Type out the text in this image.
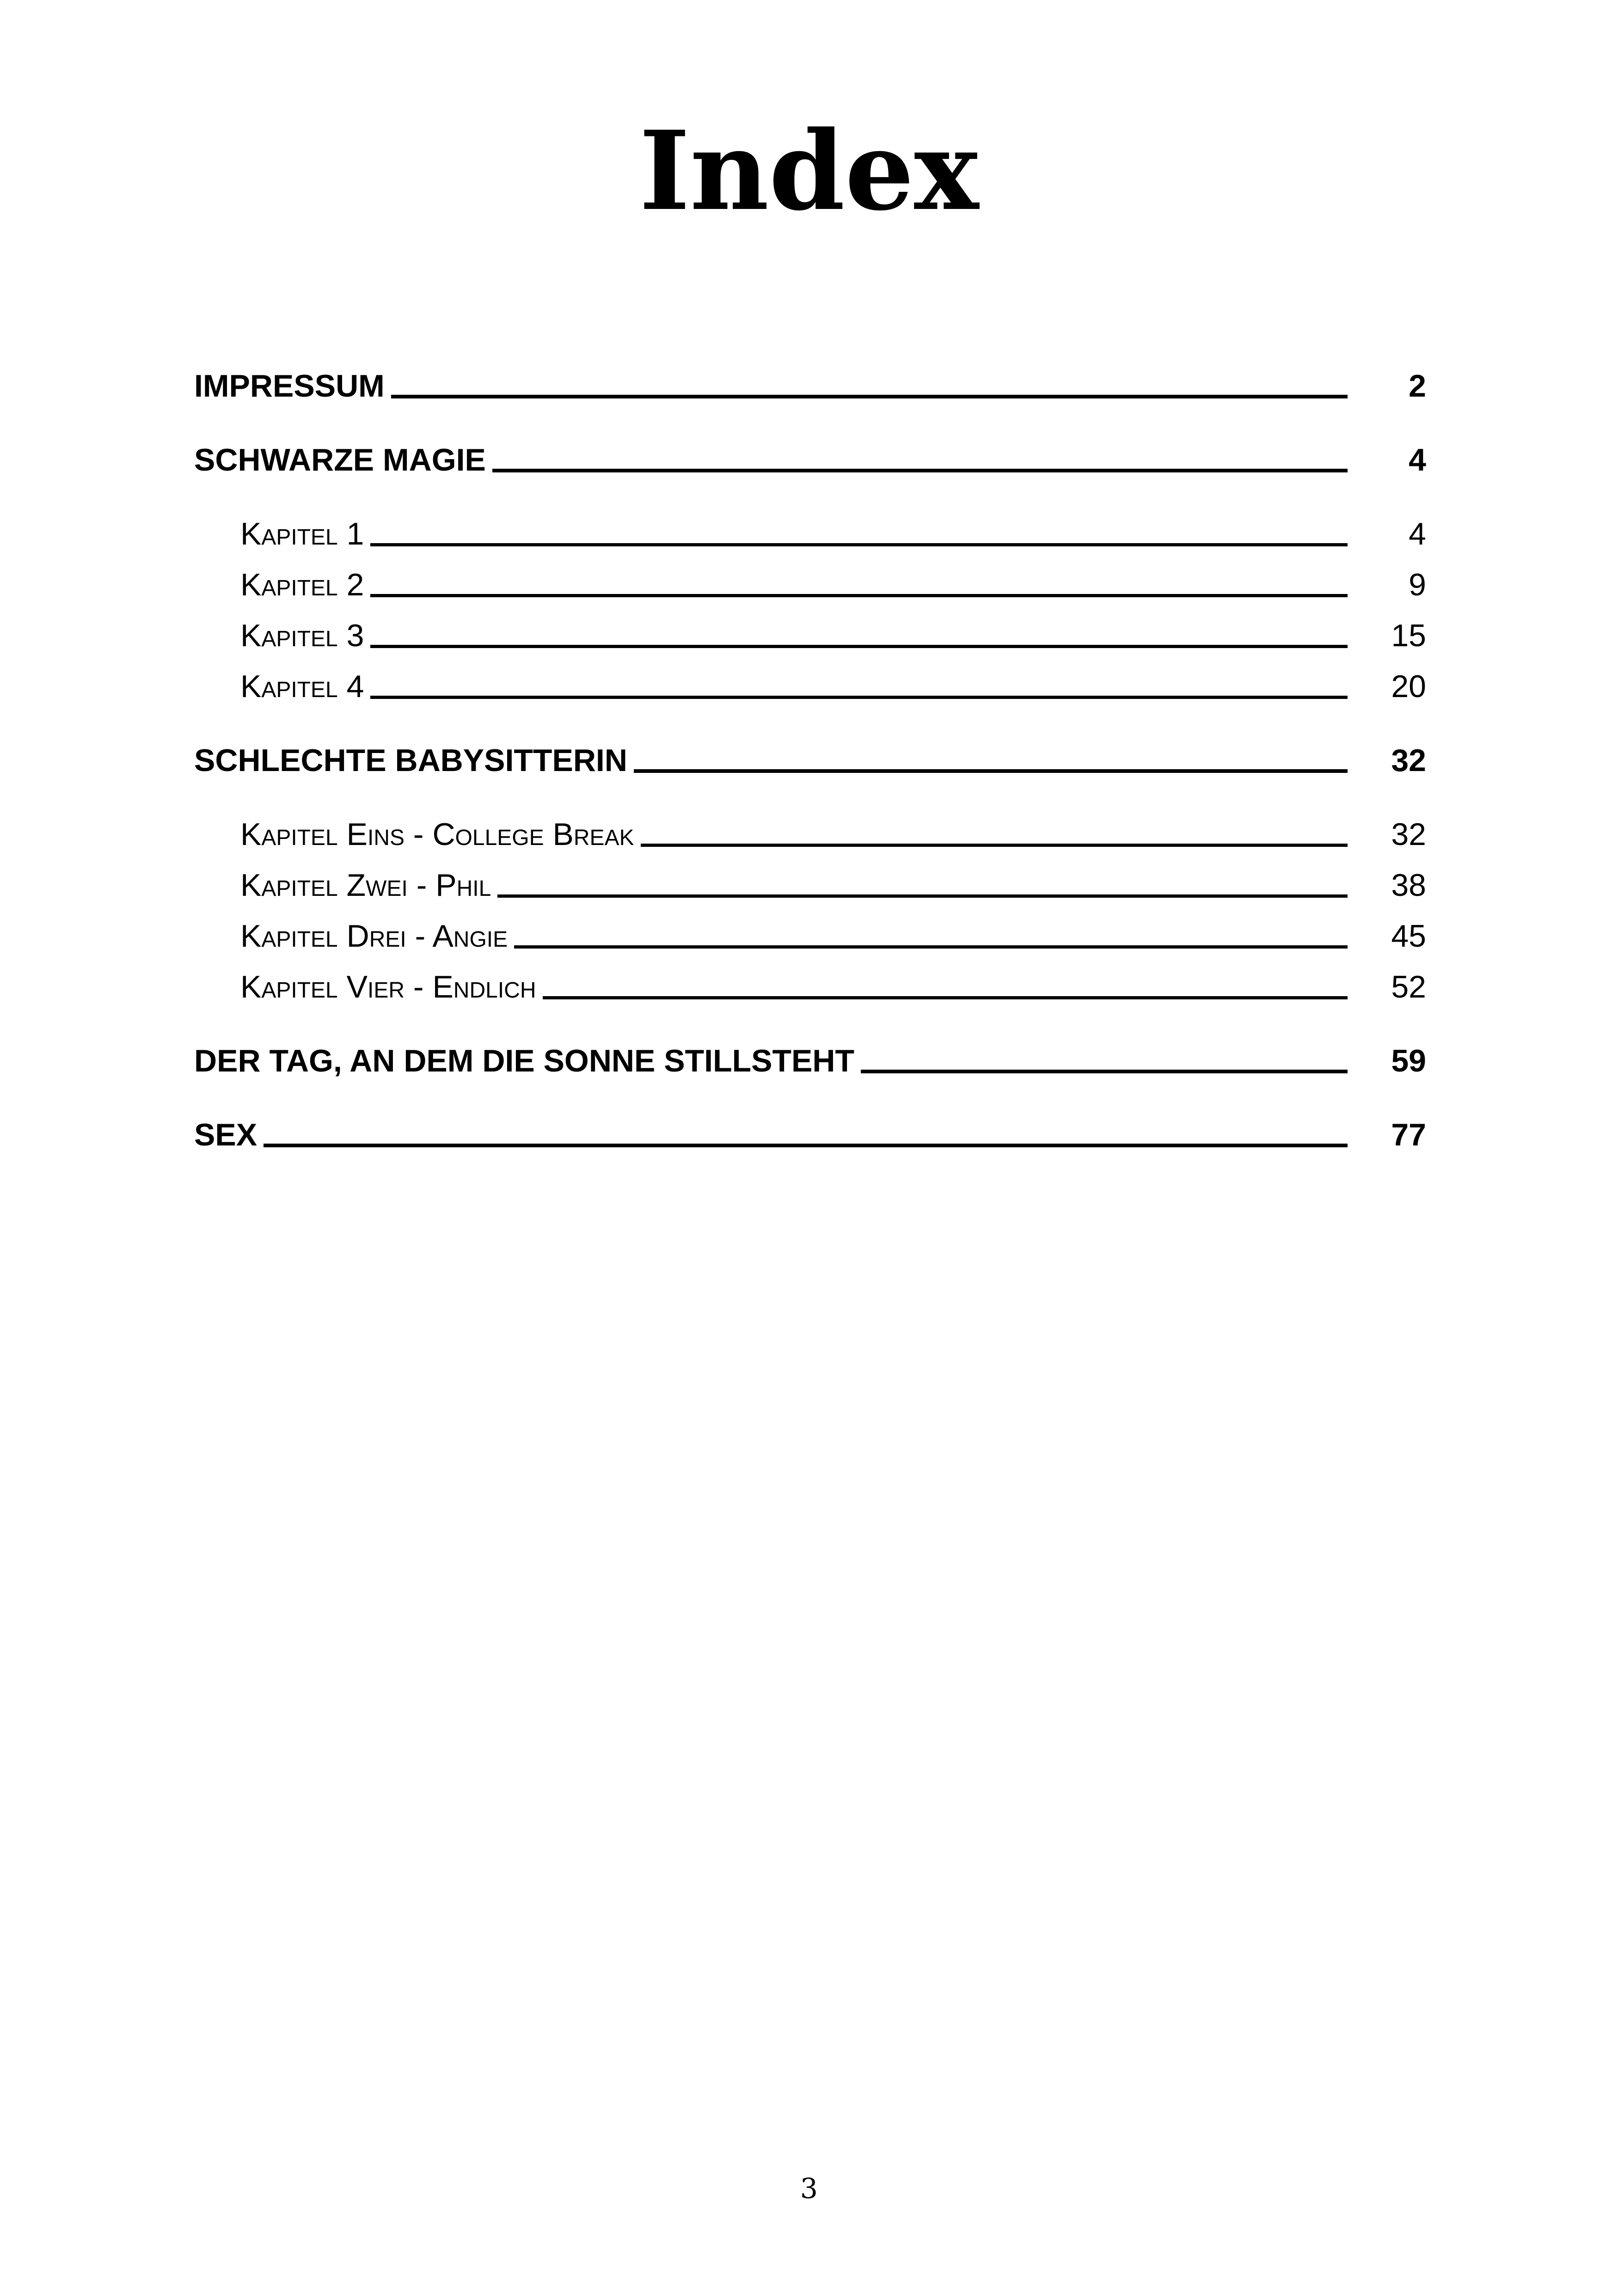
Index
IMPRESSUM	2
SCHWARZE MAGIE	4
Kapitel 1	4
Kapitel 2	9
Kapitel 3	15
Kapitel 4	20
SCHLECHTE BABYSITTERIN	32
Kapitel Eins - College Break	32
Kapitel Zwei - Phil	38
Kapitel Drei - Angie	45
Kapitel Vier - Endlich	52
DER TAG, AN DEM DIE SONNE STILLSTEHT	59
SEX	77
3
